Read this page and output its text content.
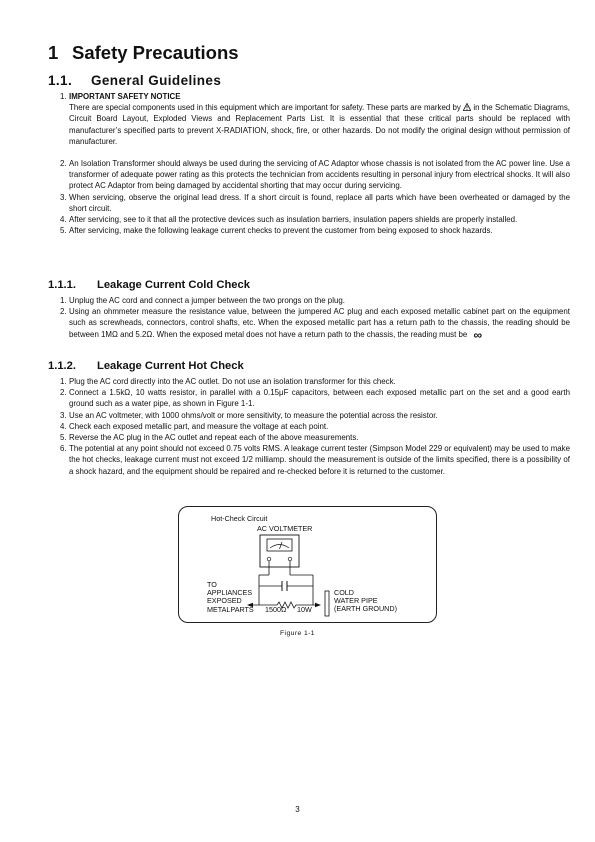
1 Safety Precautions
1.1. General Guidelines
1. IMPORTANT SAFETY NOTICE
There are special components used in this equipment which are important for safety. These parts are marked by in the Schematic Diagrams, Circuit Board Layout, Exploded Views and Replacement Parts List. It is essential that these critical parts should be replaced with manufacturer’s specified parts to prevent X-RADIATION, shock, fire, or other hazards. Do not modify the original design without permission of manufacturer.
2. An Isolation Transformer should always be used during the servicing of AC Adaptor whose chassis is not isolated from the AC power line. Use a transformer of adequate power rating as this protects the technician from accidents resulting in personal injury from electrical shocks. It will also protect AC Adaptor from being damaged by accidental shorting that may occur during servicing.
3. When servicing, observe the original lead dress. If a short circuit is found, replace all parts which have been overheated or damaged by the short circuit.
4. After servicing, see to it that all the protective devices such as insulation barriers, insulation papers shields are properly installed.
5. After servicing, make the following leakage current checks to prevent the customer from being exposed to shock hazards.
1.1.1. Leakage Current Cold Check
1. Unplug the AC cord and connect a jumper between the two prongs on the plug.
2. Using an ohmmeter measure the resistance value, between the jumpered AC plug and each exposed metallic cabinet part on the equipment such as screwheads, connectors, control shafts, etc. When the exposed metallic part has a return path to the chassis, the reading should be between 1MΩ and 5.2Ω. When the exposed metal does not have a return path to the chassis, the reading must be ∞
1.1.2. Leakage Current Hot Check
1. Plug the AC cord directly into the AC outlet. Do not use an isolation transformer for this check.
2. Connect a 1.5kΩ, 10 watts resistor, in parallel with a 0.15μF capacitors, between each exposed metallic part on the set and a good earth ground such as a water pipe, as shown in Figure 1-1.
3. Use an AC voltmeter, with 1000 ohms/volt or more sensitivity, to measure the potential across the resistor.
4. Check each exposed metallic part, and measure the voltage at each point.
5. Reverse the AC plug in the AC outlet and repeat each of the above measurements.
6. The potential at any point should not exceed 0.75 volts RMS. A leakage current tester (Simpson Model 229 or equivalent) may be used to make the hot checks, leakage current must not exceed 1/2 milliamp. should the measurement is outside of the limits specified, there is a possibility of a shock hazard, and the equipment should be repaired and re-checked before it is returned to the customer.
Hot-Check Circuit
AC VOLTMETER
TO
APPLIANCES
EXPOSED
METALPARTS 1500Ω 10W
COLD
WATER PIPE
(EARTH GROUND)
Figure 1-1
3
